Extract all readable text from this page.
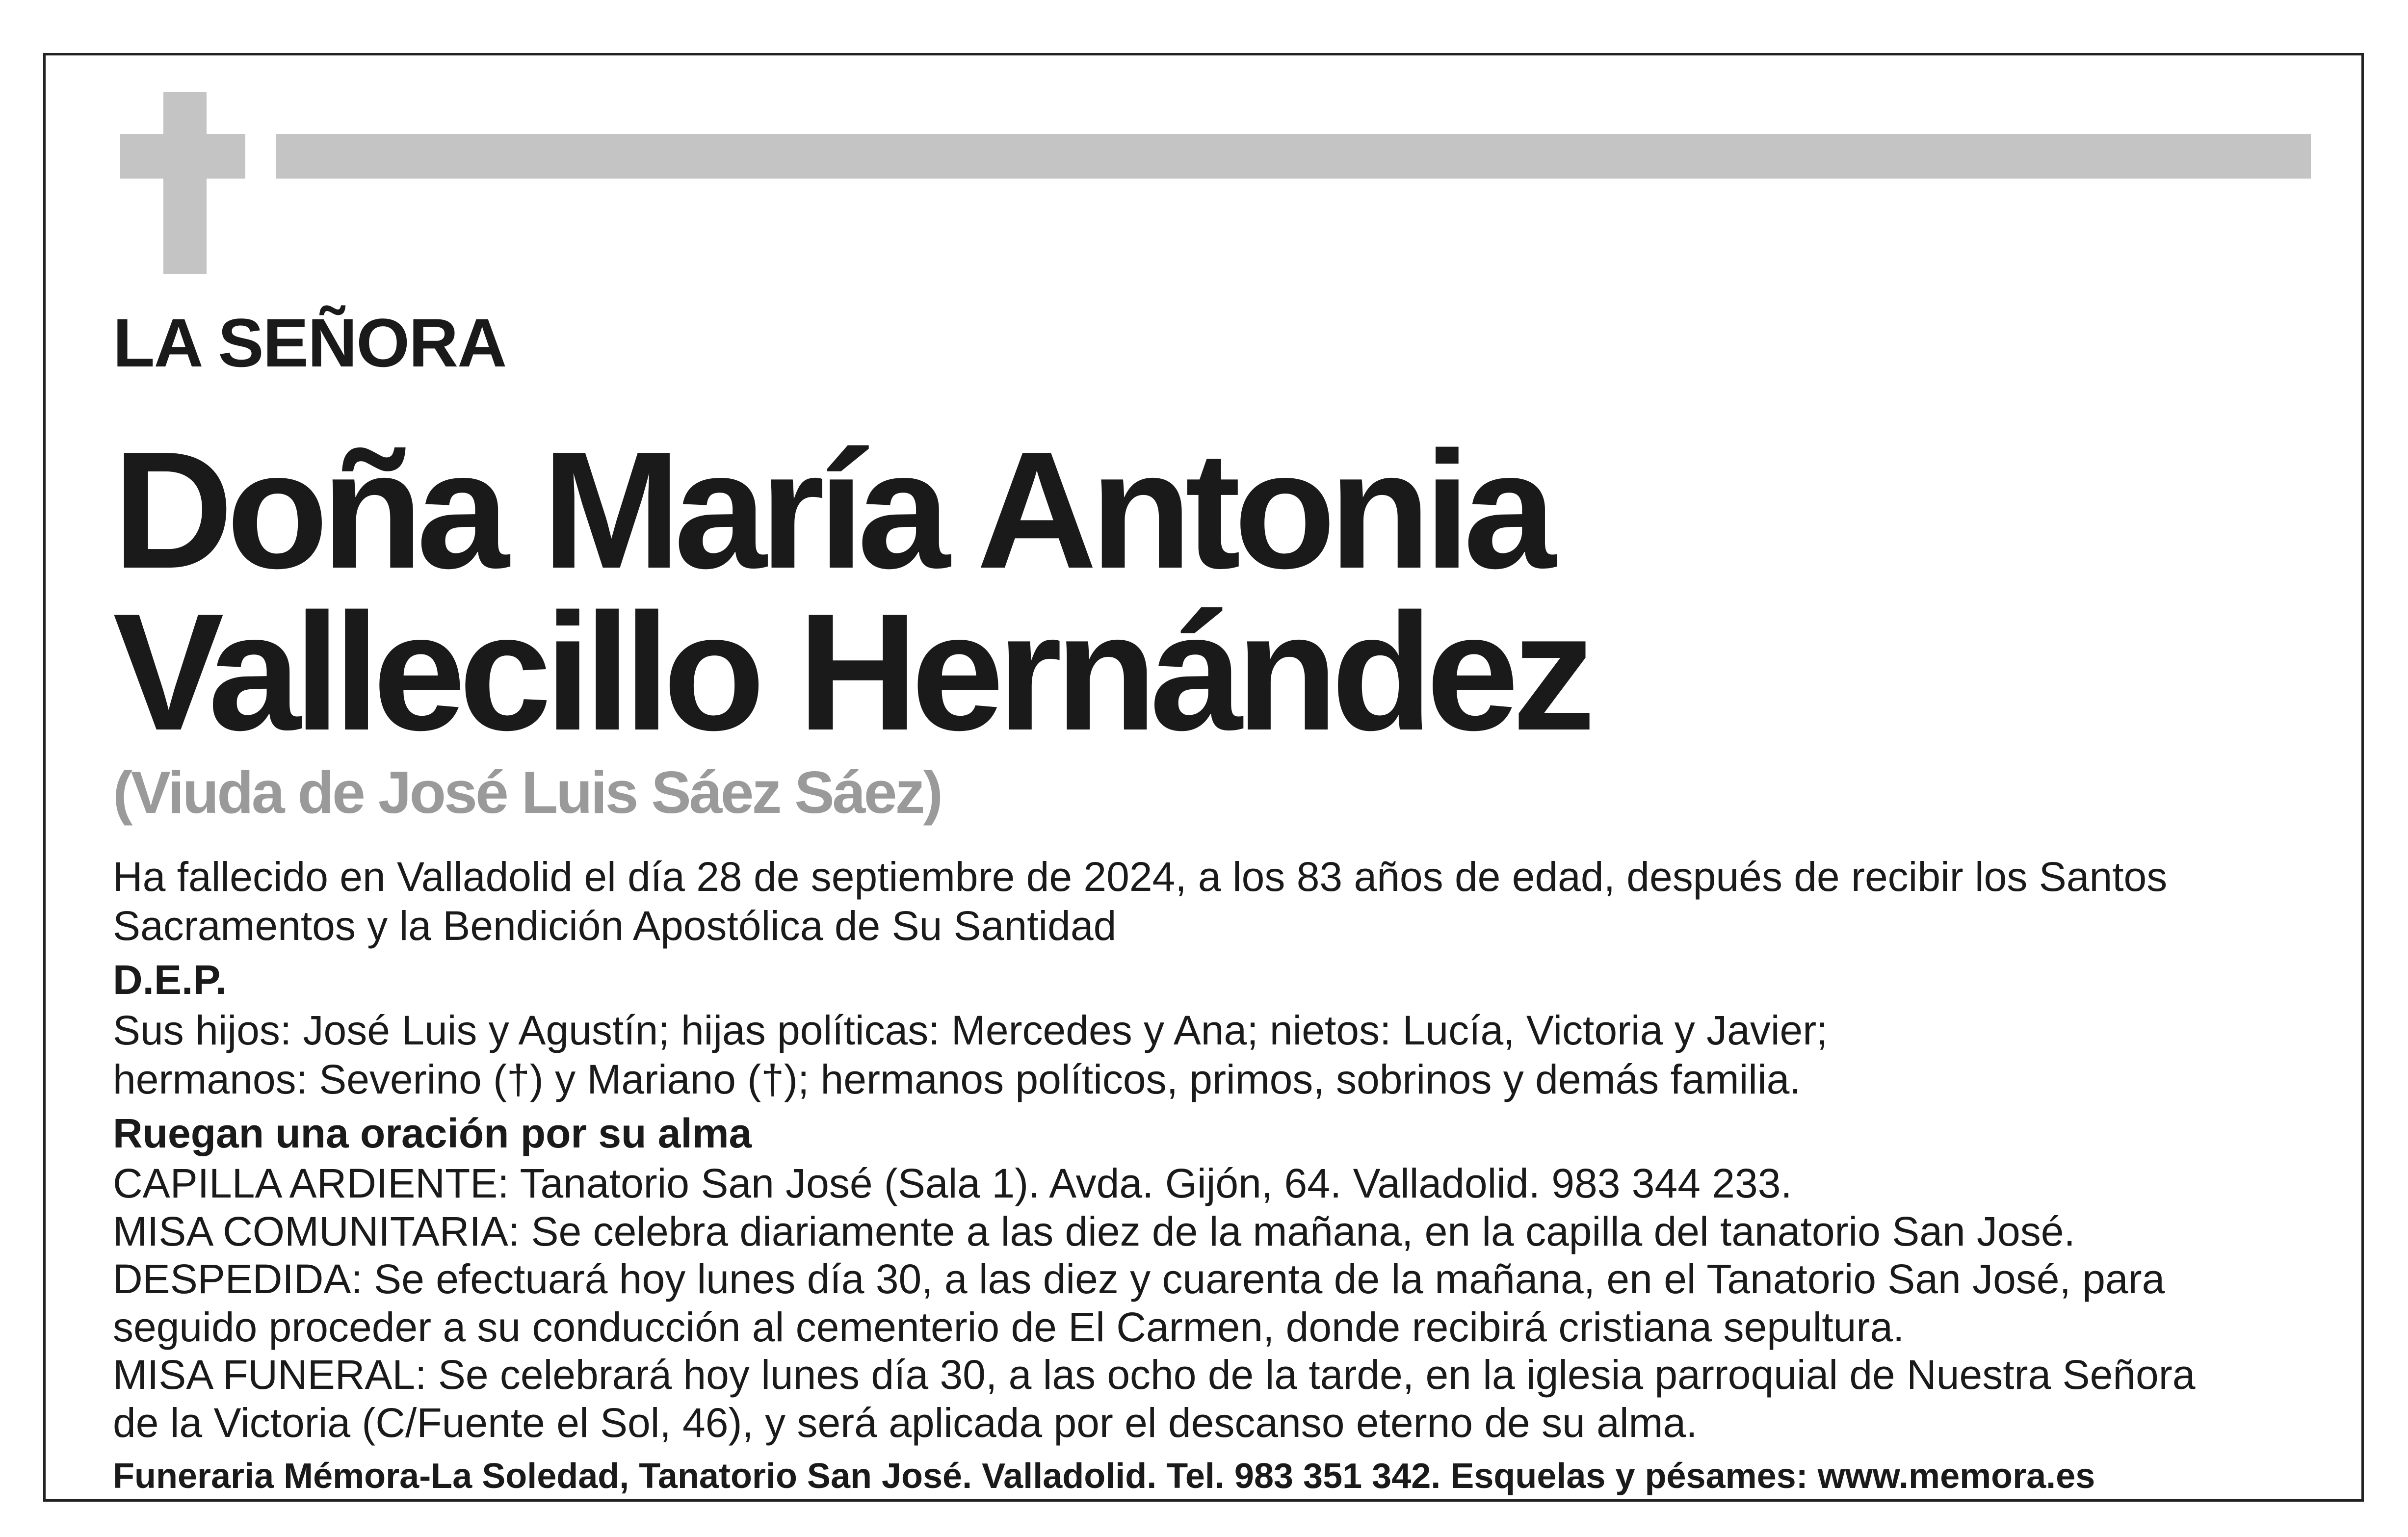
LA SEÑORA
Doña María Antonia
Vallecillo Hernández
(Viuda de José Luis Sáez Sáez)
Ha fallecido en Valladolid el día 28 de septiembre de 2024, a los 83 años de edad, después de recibir los Santos
Sacramentos y la Bendición Apostólica de Su Santidad
D.E.P.
Sus hijos: José Luis y Agustín; hijas políticas: Mercedes y Ana; nietos: Lucía, Victoria y Javier;
hermanos: Severino (†) y Mariano (†); hermanos políticos, primos, sobrinos y demás familia.
Ruegan una oración por su alma
CAPILLA ARDIENTE: Tanatorio San José (Sala 1). Avda. Gijón, 64. Valladolid. 983 344 233.
MISA COMUNITARIA: Se celebra diariamente a las diez de la mañana, en la capilla del tanatorio San José.
DESPEDIDA: Se efectuará hoy lunes día 30, a las diez y cuarenta de la mañana, en el Tanatorio San José, para
seguido proceder a su conducción al cementerio de El Carmen, donde recibirá cristiana sepultura.
MISA FUNERAL: Se celebrará hoy lunes día 30, a las ocho de la tarde, en la iglesia parroquial de Nuestra Señora
de la Victoria (C/Fuente el Sol, 46), y será aplicada por el descanso eterno de su alma.
Funeraria Mémora-La Soledad, Tanatorio San José. Valladolid. Tel. 983 351 342. Esquelas y pésames: www.memora.es
